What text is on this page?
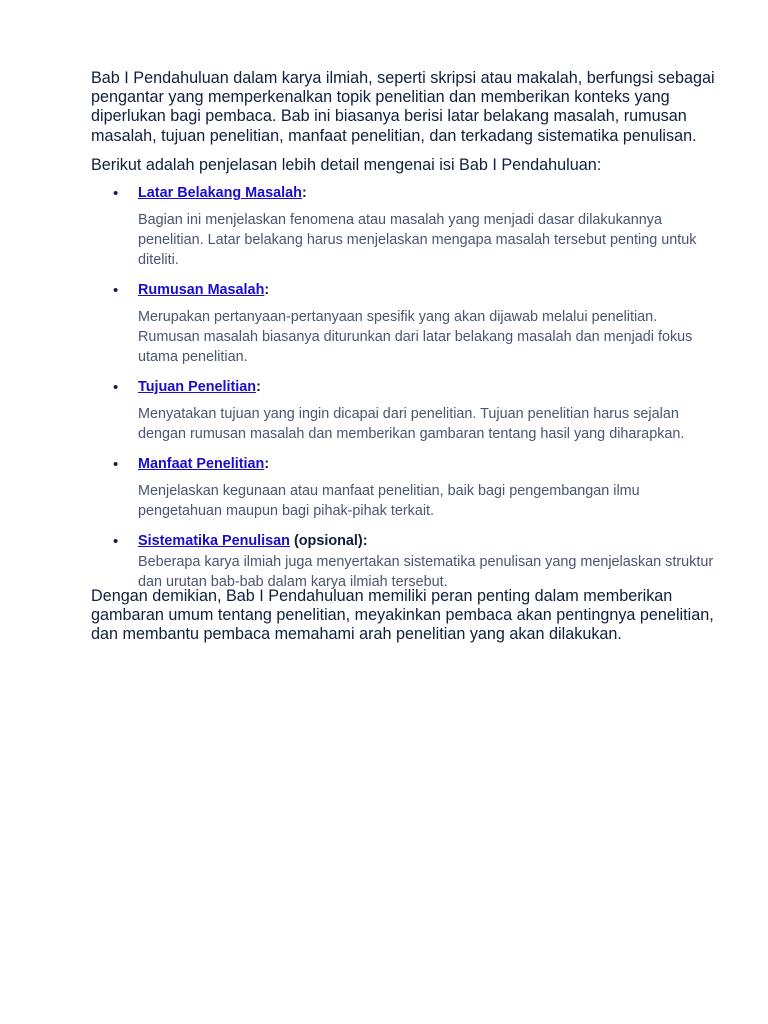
Bab I Pendahuluan dalam karya ilmiah, seperti skripsi atau makalah, berfungsi sebagai pengantar yang memperkenalkan topik penelitian dan memberikan konteks yang diperlukan bagi pembaca. Bab ini biasanya berisi latar belakang masalah, rumusan masalah, tujuan penelitian, manfaat penelitian, dan terkadang sistematika penulisan.

Berikut adalah penjelasan lebih detail mengenai isi Bab I Pendahuluan:

• Latar Belakang Masalah:

Bagian ini menjelaskan fenomena atau masalah yang menjadi dasar dilakukannya penelitian. Latar belakang harus menjelaskan mengapa masalah tersebut penting untuk diteliti.

• Rumusan Masalah:

Merupakan pertanyaan-pertanyaan spesifik yang akan dijawab melalui penelitian. Rumusan masalah biasanya diturunkan dari latar belakang masalah dan menjadi fokus utama penelitian.

• Tujuan Penelitian:

Menyatakan tujuan yang ingin dicapai dari penelitian. Tujuan penelitian harus sejalan dengan rumusan masalah dan memberikan gambaran tentang hasil yang diharapkan.

• Manfaat Penelitian:

Menjelaskan kegunaan atau manfaat penelitian, baik bagi pengembangan ilmu pengetahuan maupun bagi pihak-pihak terkait.

• Sistematika Penulisan (opsional):

Beberapa karya ilmiah juga menyertakan sistematika penulisan yang menjelaskan struktur dan urutan bab-bab dalam karya ilmiah tersebut.

Dengan demikian, Bab I Pendahuluan memiliki peran penting dalam memberikan gambaran umum tentang penelitian, meyakinkan pembaca akan pentingnya penelitian, dan membantu pembaca memahami arah penelitian yang akan dilakukan.
